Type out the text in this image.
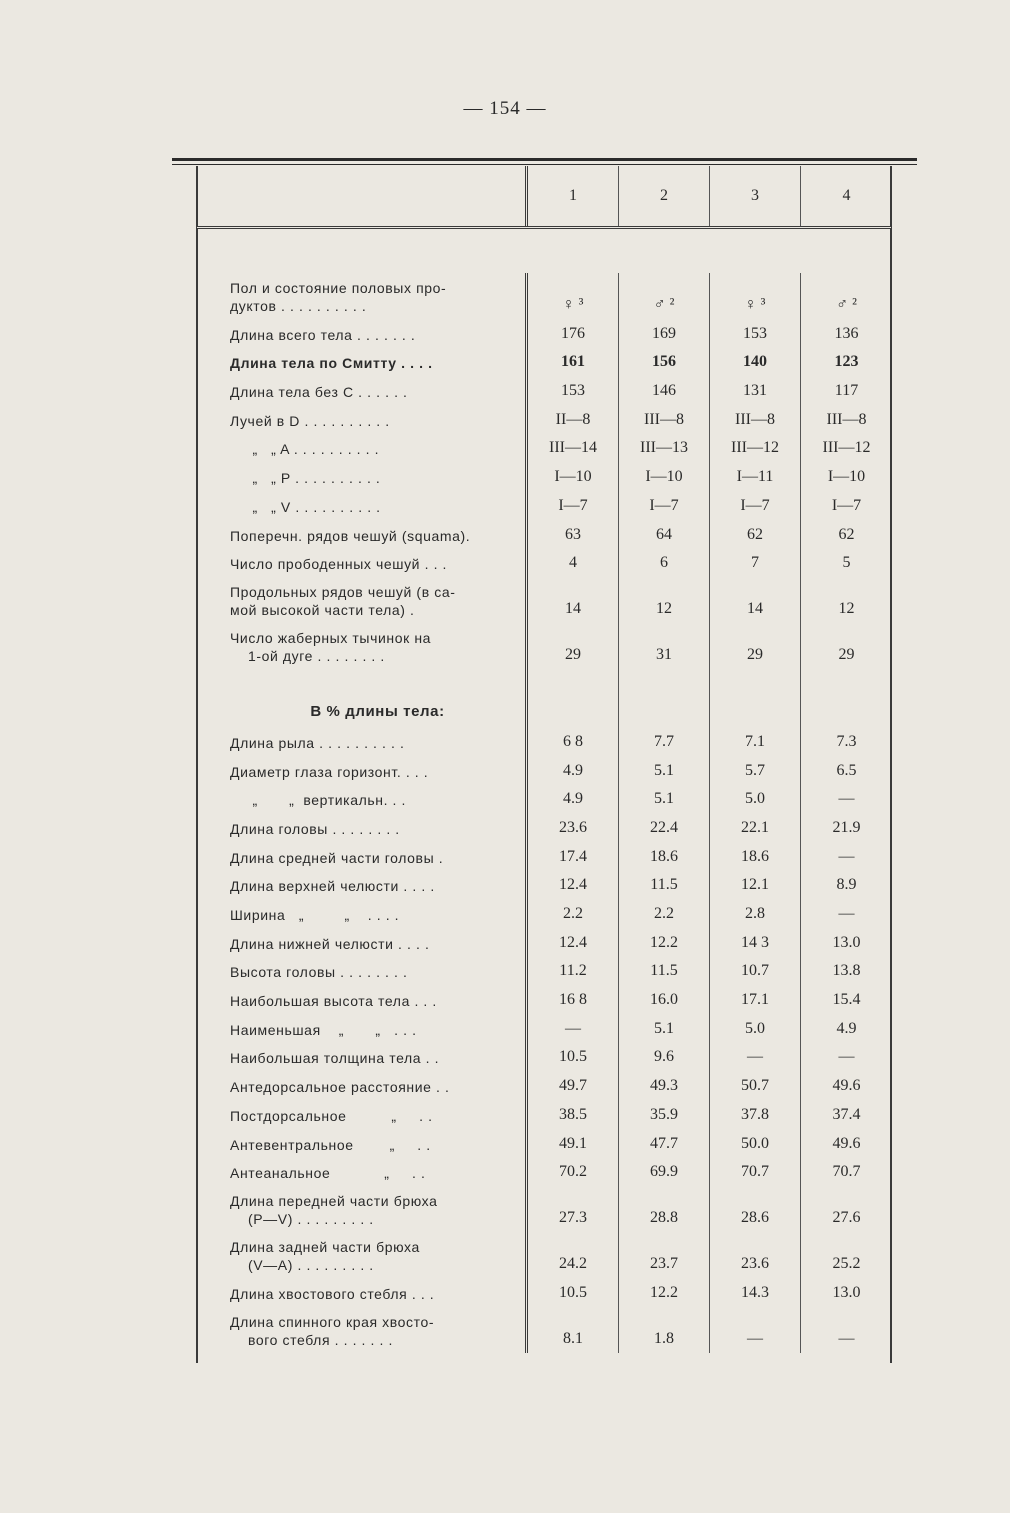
— 154 —
1	2	3	4
Пол и состояние половых про-
дуктов . . . . . . . . . .	♀ ³	♂ ²	♀ ³	♂ ²
Длина всего тела . . . . . . .	176	169	153	136
Длина тела по Смитту . . . .	161	156	140	123
Длина тела без С . . . . . .	153	146	131	117
Лучей в D . . . . . . . . . .	II—8	III—8	III—8	III—8
„   „ A . . . . . . . . . .	III—14	III—13	III—12	III—12
„   „ P . . . . . . . . . .	I—10	I—10	I—11	I—10
„   „ V . . . . . . . . . .	I—7	I—7	I—7	I—7
Поперечн. рядов чешуй (squama).	63	64	62	62
Число прободенных чешуй . . .	4	6	7	5
Продольных рядов чешуй (в са-
мой высокой части тела) .	14	12	14	12
Число жаберных тычинок на
1-ой дуге . . . . . . . .	29	31	29	29
В % длины тела:
Длина рыла . . . . . . . . . .	6 8	7.7	7.1	7.3
Диаметр глаза горизонт. . . .	4.9	5.1	5.7	6.5
„       „  вертикальн. . .	4.9	5.1	5.0	—
Длина головы . . . . . . . .	23.6	22.4	22.1	21.9
Длина средней части головы .	17.4	18.6	18.6	—
Длина верхней челюсти . . . .	12.4	11.5	12.1	8.9
Ширина   „         „    . . . .	2.2	2.2	2.8	—
Длина нижней челюсти . . . .	12.4	12.2	14 3	13.0
Высота головы . . . . . . . .	11.2	11.5	10.7	13.8
Наибольшая высота тела . . .	16 8	16.0	17.1	15.4
Наименьшая    „       „   . . .	—	5.1	5.0	4.9
Наибольшая толщина тела . .	10.5	9.6	—	—
Антедорсальное расстояние . .	49.7	49.3	50.7	49.6
Постдорсальное          „     . .	38.5	35.9	37.8	37.4
Антевентральное        „     . .	49.1	47.7	50.0	49.6
Антеанальное            „     . .	70.2	69.9	70.7	70.7
Длина передней части брюха
(P—V) . . . . . . . . .	27.3	28.8	28.6	27.6
Длина задней части брюха
(V—A) . . . . . . . . .	24.2	23.7	23.6	25.2
Длина хвостового стебля . . .	10.5	12.2	14.3	13.0
Длина спинного края хвосто-
вого стебля . . . . . . .	8.1	1.8	—	—
